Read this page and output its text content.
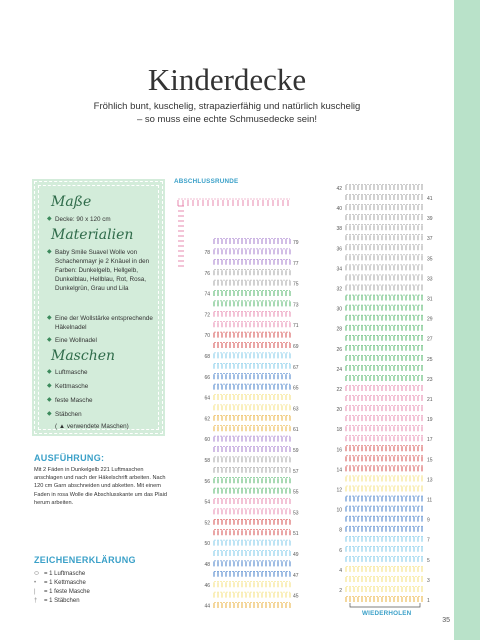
Kinderdecke
Fröhlich bunt, kuschelig, strapazierfähig und natürlich kuschelig – so muss eine echte Schmusedecke sein!
Maße
◆ Decke: 90 x 120 cm
Materialien
◆ Baby Smile Suavel Wolle von Schachenmayr je 2 Knäuel in den Farben: Dunkelgelb, Hellgelb, Dunkelblau, Hellblau, Rot, Rosa, Dunkelgrün, Grau und Lila
◆ Eine der Wollstärke entsprechende Häkelnadel
◆ Eine Wollnadel
Maschen
◆ Luftmasche
◆ Kettmasche
◆ feste Masche
◆ Stäbchen
( ▲ verwendete Maschen)
AUSFÜHRUNG:
Mit 2 Fäden in Dunkelgelb 221 Luftmaschen anschlagen und nach der Häkelschrift arbeiten. Nach 120 cm Garn abschneiden und abketten. Mit einem Faden in rosa Wolle die Abschlusskante um das Plaid herum arbeiten.
ZEICHENERKLÄRUNG
⬭ = 1 Luftmasche
• = 1 Kettmasche
| = 1 feste Masche
† = 1 Stäbchen
ABSCHLUSSRUNDE
WIEDERHOLEN
78
79
76
77
74
75
72
73
70
71
68
69
66
67
64
65
62
63
60
61
58
59
56
57
54
55
52
53
50
51
48
49
46
47
44
45
42
41
40
39
38
37
36
35
34
33
32
31
30
29
28
27
26
25
24
23
22
21
20
19
18
17
16
15
14
13
12
11
10
9
8
7
6
5
4
3
2
1
35
